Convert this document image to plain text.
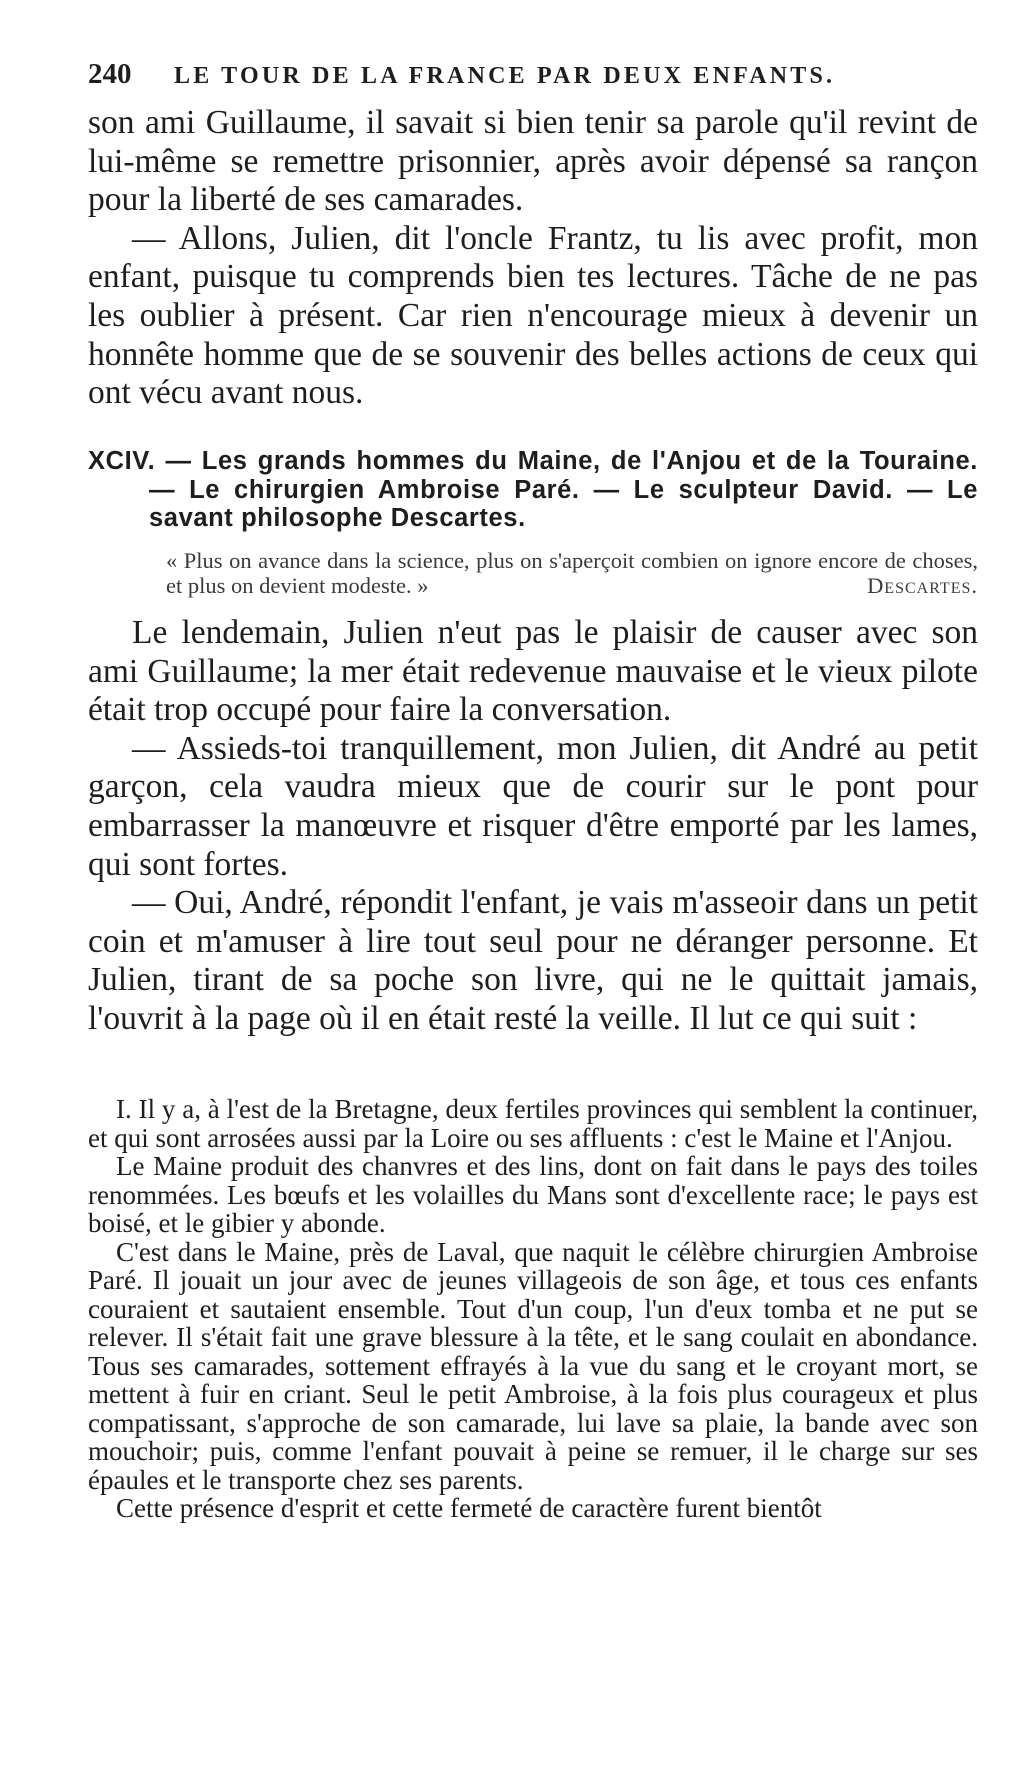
240	LE TOUR DE LA FRANCE PAR DEUX ENFANTS.

son ami Guillaume, il savait si bien tenir sa parole qu'il revint de lui-même se remettre prisonnier, après avoir dépensé sa rançon pour la liberté de ses camarades.

— Allons, Julien, dit l'oncle Frantz, tu lis avec profit, mon enfant, puisque tu comprends bien tes lectures. Tâche de ne pas les oublier à présent. Car rien n'encourage mieux à devenir un honnête homme que de se souvenir des belles actions de ceux qui ont vécu avant nous.

XCIV. — Les grands hommes du Maine, de l'Anjou et de la Touraine. — Le chirurgien Ambroise Paré. — Le sculpteur David. — Le savant philosophe Descartes.
« Plus on avance dans la science, plus on s'aperçoit combien on ignore encore de choses, et plus on devient modeste. »	Descartes.

Le lendemain, Julien n'eut pas le plaisir de causer avec son ami Guillaume; la mer était redevenue mauvaise et le vieux pilote était trop occupé pour faire la conversation.

— Assieds-toi tranquillement, mon Julien, dit André au petit garçon, cela vaudra mieux que de courir sur le pont pour embarrasser la manœuvre et risquer d'être emporté par les lames, qui sont fortes.

— Oui, André, répondit l'enfant, je vais m'asseoir dans un petit coin et m'amuser à lire tout seul pour ne déranger personne. Et Julien, tirant de sa poche son livre, qui ne le quittait jamais, l'ouvrit à la page où il en était resté la veille. Il lut ce qui suit :

I. Il y a, à l'est de la Bretagne, deux fertiles provinces qui semblent la continuer, et qui sont arrosées aussi par la Loire ou ses affluents : c'est le Maine et l'Anjou.

Le Maine produit des chanvres et des lins, dont on fait dans le pays des toiles renommées. Les bœufs et les volailles du Mans sont d'excellente race; le pays est boisé, et le gibier y abonde.

C'est dans le Maine, près de Laval, que naquit le célèbre chirurgien Ambroise Paré. Il jouait un jour avec de jeunes villageois de son âge, et tous ces enfants couraient et sautaient ensemble. Tout d'un coup, l'un d'eux tomba et ne put se relever. Il s'était fait une grave blessure à la tête, et le sang coulait en abondance. Tous ses camarades, sottement effrayés à la vue du sang et le croyant mort, se mettent à fuir en criant. Seul le petit Ambroise, à la fois plus courageux et plus compatissant, s'approche de son camarade, lui lave sa plaie, la bande avec son mouchoir; puis, comme l'enfant pouvait à peine se remuer, il le charge sur ses épaules et le transporte chez ses parents.

Cette présence d'esprit et cette fermeté de caractère furent bientôt
